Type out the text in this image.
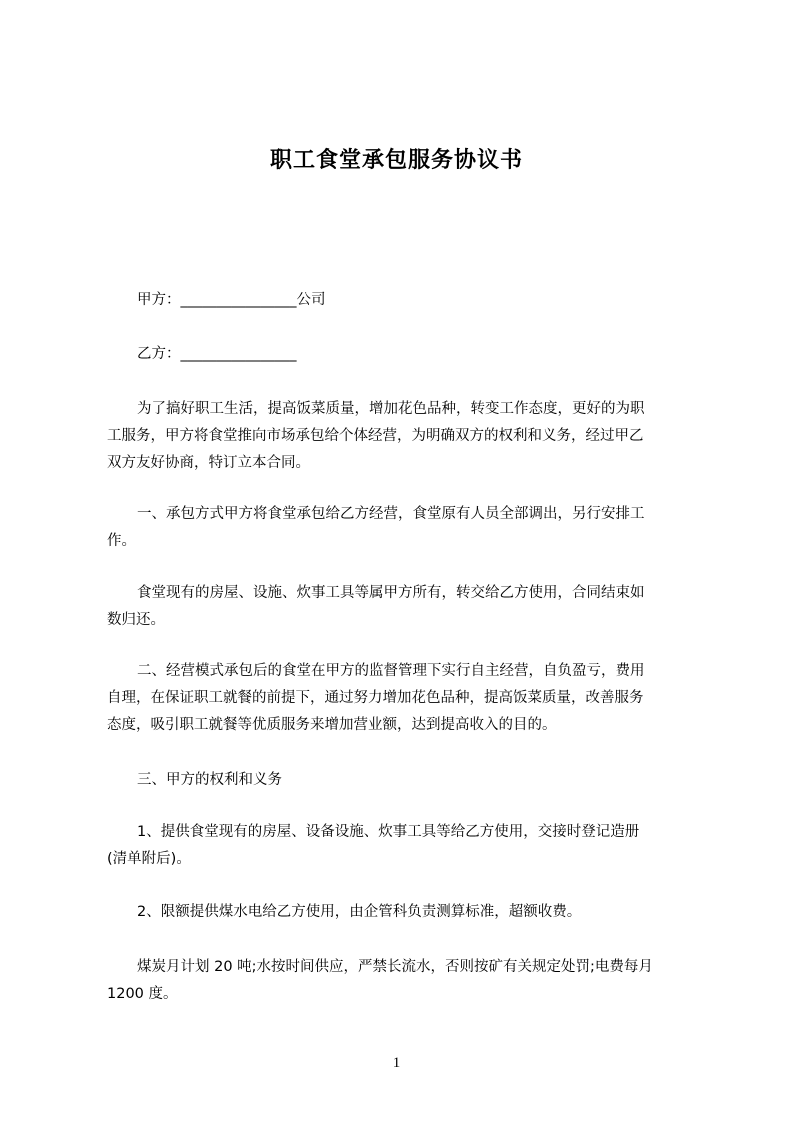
职工食堂承包服务协议书
甲方：________________公司
乙方：________________
为了搞好职工生活，提高饭菜质量，增加花色品种，转变工作态度，更好的为职
工服务，甲方将食堂推向市场承包给个体经营，为明确双方的权利和义务，经过甲乙
双方友好协商，特订立本合同。
一、承包方式甲方将食堂承包给乙方经营，食堂原有人员全部调出，另行安排工
作。
食堂现有的房屋、设施、炊事工具等属甲方所有，转交给乙方使用，合同结束如
数归还。
二、经营模式承包后的食堂在甲方的监督管理下实行自主经营，自负盈亏，费用
自理，在保证职工就餐的前提下，通过努力增加花色品种，提高饭菜质量，改善服务
态度，吸引职工就餐等优质服务来增加营业额，达到提高收入的目的。
三、甲方的权利和义务
1、提供食堂现有的房屋、设备设施、炊事工具等给乙方使用，交接时登记造册
(清单附后)。
2、限额提供煤水电给乙方使用，由企管科负责测算标准，超额收费。
煤炭月计划 20 吨;水按时间供应，严禁长流水，否则按矿有关规定处罚;电费每月
1200 度。
1
